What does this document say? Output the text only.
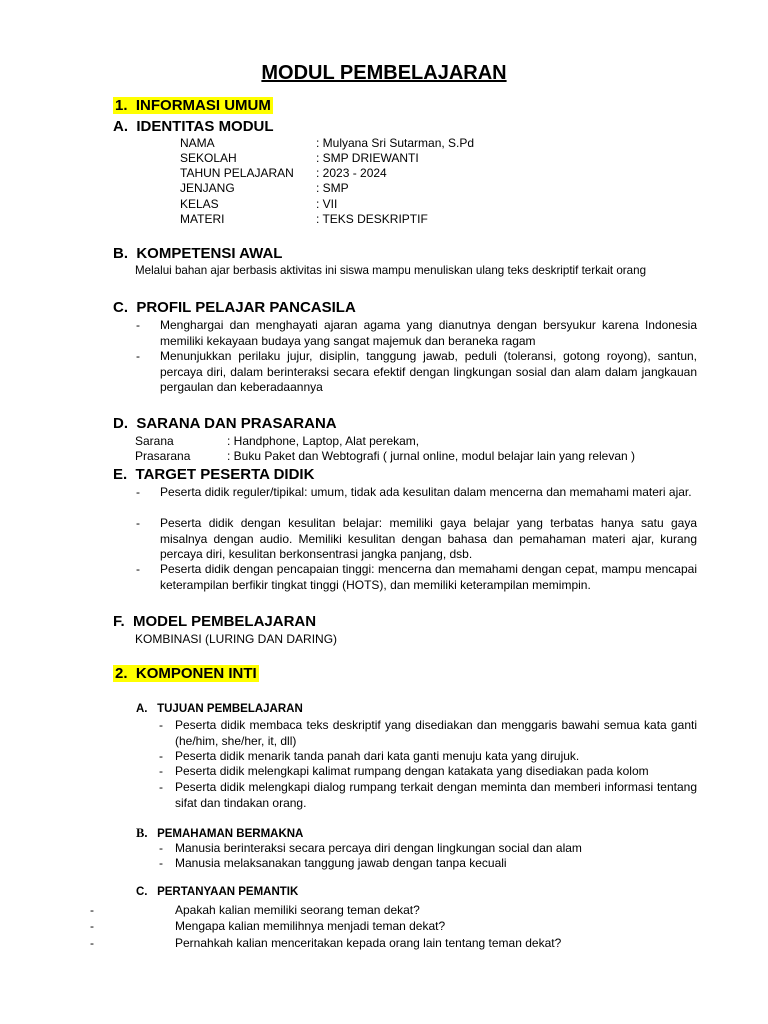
MODUL PEMBELAJARAN
1. INFORMASI UMUM
A. IDENTITAS MODUL
NAMA	: Mulyana Sri Sutarman, S.Pd
SEKOLAH	: SMP DRIEWANTI
TAHUN PELAJARAN : 2023 - 2024
JENJANG	: SMP
KELAS	: VII
MATERI	: TEKS DESKRIPTIF
B. KOMPETENSI AWAL
Melalui bahan ajar berbasis aktivitas ini siswa mampu menuliskan ulang teks deskriptif terkait orang
C. PROFIL PELAJAR PANCASILA
- Menghargai dan menghayati ajaran agama yang dianutnya dengan bersyukur karena Indonesia memiliki kekayaan budaya yang sangat majemuk dan beraneka ragam
- Menunjukkan perilaku jujur, disiplin, tanggung jawab, peduli (toleransi, gotong royong), santun, percaya diri, dalam berinteraksi secara efektif dengan lingkungan sosial dan alam dalam jangkauan pergaulan dan keberadaannya
D. SARANA DAN PRASARANA
Sarana	: Handphone, Laptop, Alat perekam,
Prasarana	: Buku Paket dan Webtografi ( jurnal online, modul belajar lain yang relevan )
E. TARGET PESERTA DIDIK
- Peserta didik reguler/tipikal: umum, tidak ada kesulitan dalam mencerna dan memahami materi ajar.
- Peserta didik dengan kesulitan belajar: memiliki gaya belajar yang terbatas hanya satu gaya misalnya dengan audio. Memiliki kesulitan dengan bahasa dan pemahaman materi ajar, kurang percaya diri, kesulitan berkonsentrasi jangka panjang, dsb.
- Peserta didik dengan pencapaian tinggi: mencerna dan memahami dengan cepat, mampu mencapai keterampilan berfikir tingkat tinggi (HOTS), dan memiliki keterampilan memimpin.
F. MODEL PEMBELAJARAN
KOMBINASI (LURING DAN DARING)
2. KOMPONEN INTI
A. TUJUAN PEMBELAJARAN
- Peserta didik membaca teks deskriptif yang disediakan dan menggaris bawahi semua kata ganti (he/him, she/her, it, dll)
- Peserta didik menarik tanda panah dari kata ganti menuju kata yang dirujuk.
- Peserta didik melengkapi kalimat rumpang dengan katakata yang disediakan pada kolom
- Peserta didik melengkapi dialog rumpang terkait dengan meminta dan memberi informasi tentang sifat dan tindakan orang.
B. PEMAHAMAN BERMAKNA
- Manusia berinteraksi secara percaya diri dengan lingkungan social dan alam
- Manusia melaksanakan tanggung jawab dengan tanpa kecuali
C. PERTANYAAN PEMANTIK
-	Apakah kalian memiliki seorang teman dekat?
-	Mengapa kalian memilihnya menjadi teman dekat?
-	Pernahkah kalian menceritakan kepada orang lain tentang teman dekat?
